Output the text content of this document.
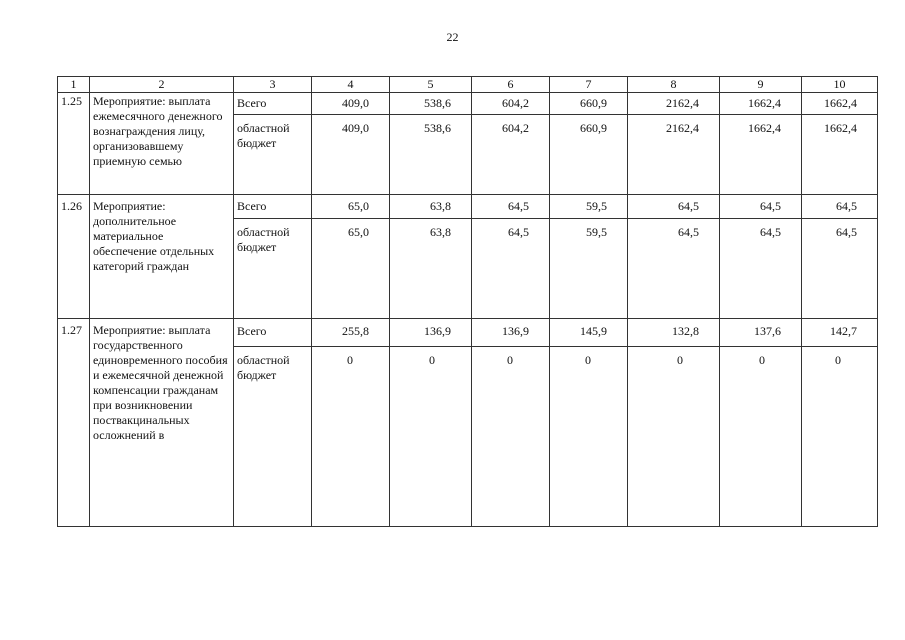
22
1	2	3	4	5	6	7	8	9	10
1.25	Мероприятие: выплата ежемесячного денежного вознаграждения лицу, организовавшему приемную семью	Всего	409,0	538,6	604,2	660,9	2162,4	1662,4	1662,4
		областной бюджет	409,0	538,6	604,2	660,9	2162,4	1662,4	1662,4
1.26	Мероприятие: дополнительное материальное обеспечение отдельных категорий граждан	Всего	65,0	63,8	64,5	59,5	64,5	64,5	64,5
		областной бюджет	65,0	63,8	64,5	59,5	64,5	64,5	64,5
1.27	Мероприятие: выплата государственного единовременного пособия и ежемесячной денежной компенсации гражданам при возникновении поствакцинальных осложнений в	Всего	255,8	136,9	136,9	145,9	132,8	137,6	142,7
		областной бюджет	0	0	0	0	0	0	0
